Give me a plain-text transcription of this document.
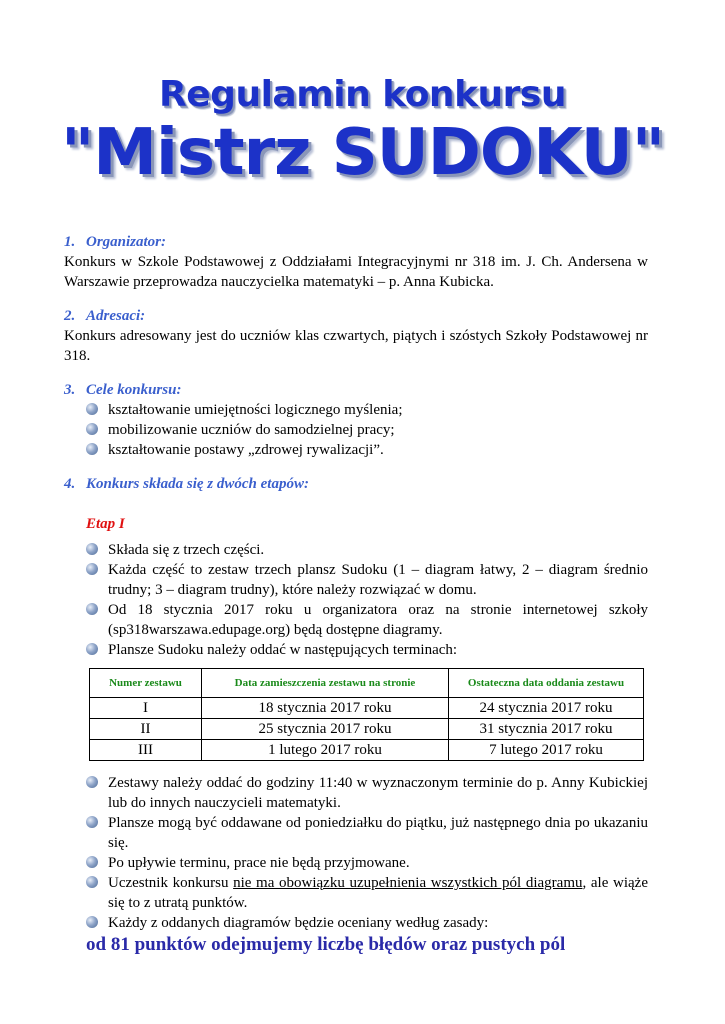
Regulamin konkursu
"Mistrz SUDOKU"
1. Organizator:

Konkurs w Szkole Podstawowej z Oddziałami Integracyjnymi nr 318 im. J. Ch. Andersena w Warszawie przeprowadza nauczycielka matematyki – p. Anna Kubicka.

2. Adresaci:

Konkurs adresowany jest do uczniów klas czwartych, piątych i szóstych Szkoły Podstawowej nr 318.

3. Cele konkursu:
kształtowanie umiejętności logicznego myślenia;
mobilizowanie uczniów do samodzielnej pracy;
kształtowanie postawy „zdrowej rywalizacji”.
4. Konkurs składa się z dwóch etapów:
Etap I
Składa się z trzech części.
Każda część to zestaw trzech plansz Sudoku (1 – diagram łatwy, 2 – diagram średnio trudny; 3 – diagram trudny), które należy rozwiązać w domu.
Od 18 stycznia 2017 roku u organizatora oraz na stronie internetowej szkoły (sp318warszawa.edupage.org) będą dostępne diagramy.
Plansze Sudoku należy oddać w następujących terminach:
Numer zestawu	Data zamieszczenia zestawu na stronie	Ostateczna data oddania zestawu
I	18 stycznia 2017 roku	24 stycznia 2017 roku
II	25 stycznia 2017 roku	31 stycznia 2017 roku
III	1 lutego 2017 roku	7 lutego 2017 roku
Zestawy należy oddać do godziny 11:40 w wyznaczonym terminie do p. Anny Kubickiej lub do innych nauczycieli matematyki.
Plansze mogą być oddawane od poniedziałku do piątku, już następnego dnia po ukazaniu się.
Po upływie terminu, prace nie będą przyjmowane.
Uczestnik konkursu nie ma obowiązku uzupełnienia wszystkich pól diagramu, ale wiąże się to z utratą punktów.
Każdy z oddanych diagramów będzie oceniany według zasady:
od 81 punktów odejmujemy liczbę błędów oraz pustych pól
